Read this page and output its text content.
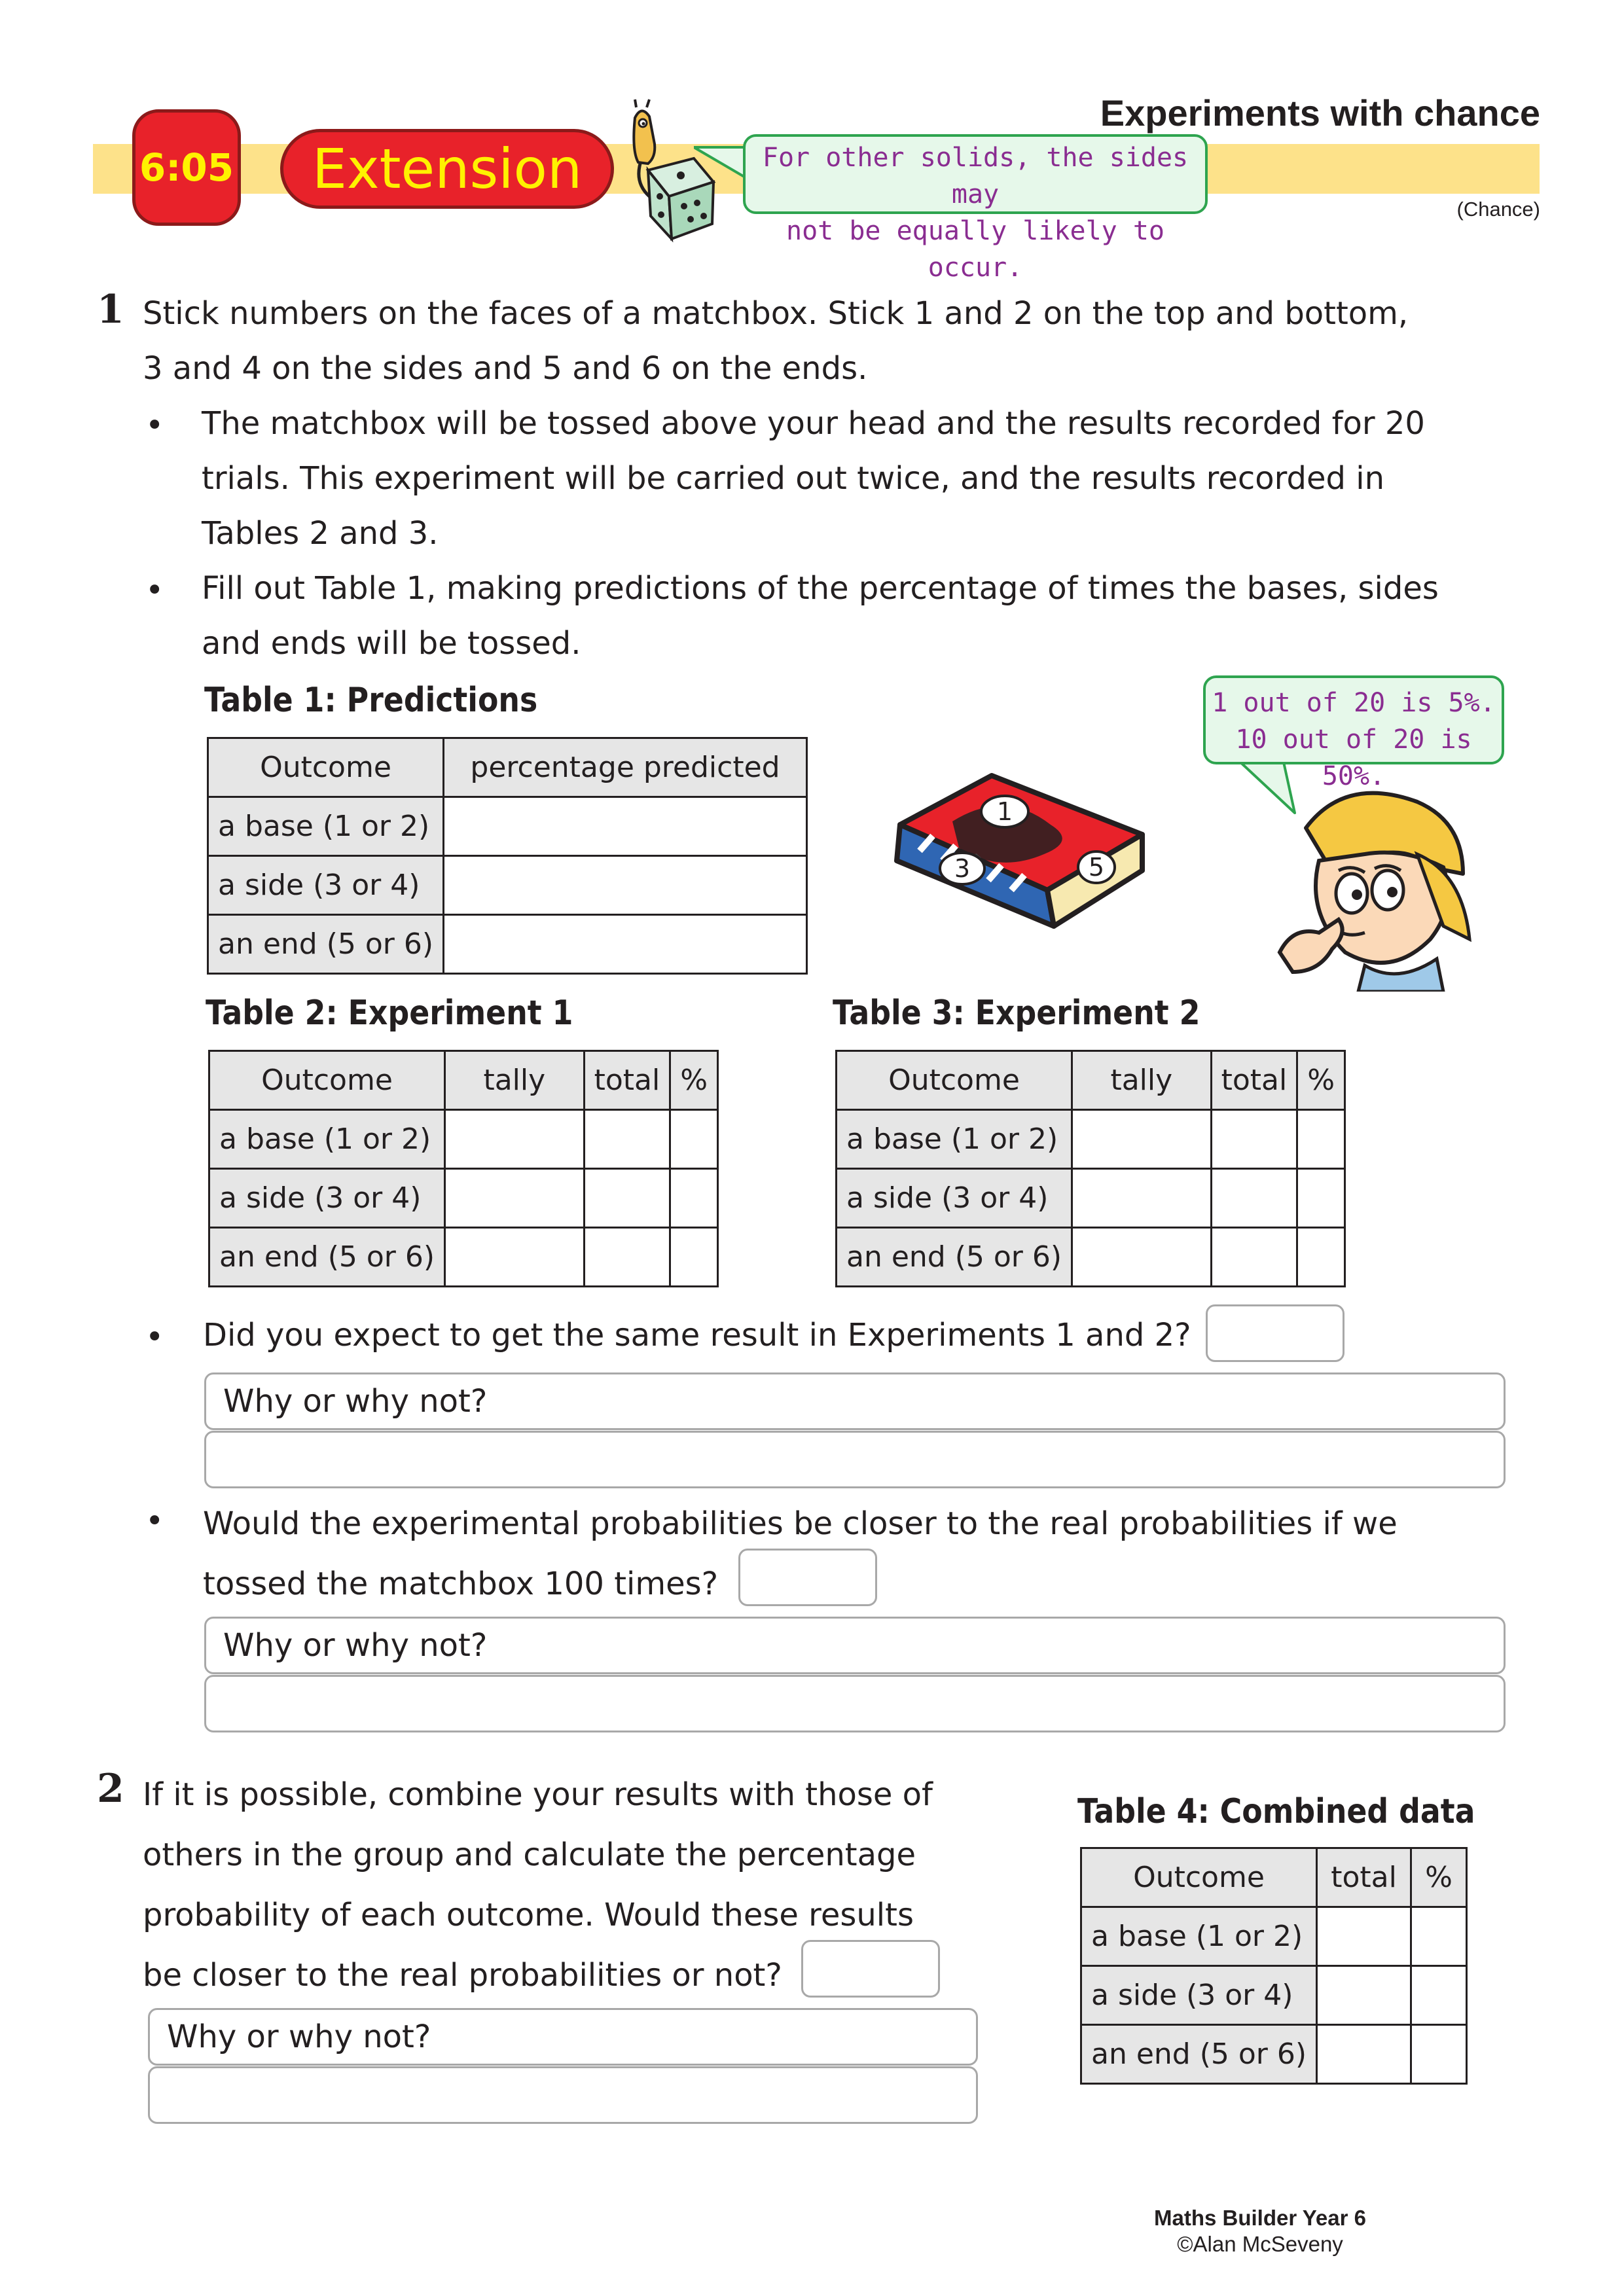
Experiments with chance
(Chance)
6:05	Extension	For other solids, the sides may
not be equally likely to occur.
1 Stick numbers on the faces of a matchbox. Stick 1 and 2 on the top and bottom,
3 and 4 on the sides and 5 and 6 on the ends.
• The matchbox will be tossed above your head and the results recorded for 20
trials. This experiment will be carried out twice, and the results recorded in
Tables 2 and 3.
• Fill out Table 1, making predictions of the percentage of times the bases, sides
and ends will be tossed.
Table 1: Predictions
Outcome	percentage predicted
a base (1 or 2)	
a side (3 or 4)	
an end (5 or 6)	
1
3	5
1 out of 20 is 5%.
10 out of 20 is 50%.
Table 2: Experiment 1
Outcome	tally	total	%
a base (1 or 2)			
a side (3 or 4)			
an end (5 or 6)			
Table 3: Experiment 2
Outcome	tally	total	%
a base (1 or 2)			
a side (3 or 4)			
an end (5 or 6)			
• Did you expect to get the same result in Experiments 1 and 2?
Why or why not?
• Would the experimental probabilities be closer to the real probabilities if we
tossed the matchbox 100 times?
Why or why not?
2 If it is possible, combine your results with those of
others in the group and calculate the percentage
probability of each outcome. Would these results
be closer to the real probabilities or not?
Why or why not?
Table 4: Combined data
Outcome	total	%
a base (1 or 2)		
a side (3 or 4)		
an end (5 or 6)		
Maths Builder Year 6
©Alan McSeveny
